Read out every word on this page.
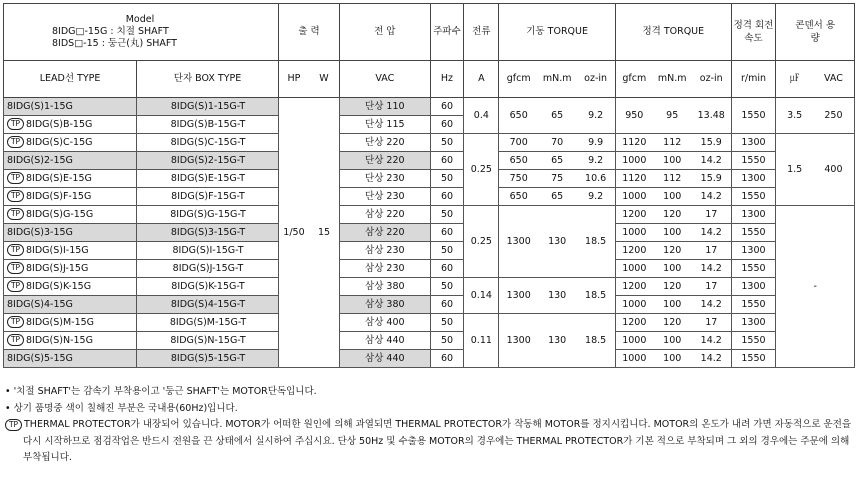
Model
8IDG□-15G : 치절 SHAFT
8IDS□-15 : 둥근(丸) SHAFT		출 력		전 압	주파수	전류	기동 TORQUE			정격 TORQUE			정격 회전속도	콘덴서 용량	
LEAD선 TYPE	단자 BOX TYPE	HP	W	VAC	Hz	A	gfcm	mN.m	oz-in	gfcm	mN.m	oz-in	r/min	㎌	VAC
8IDG(S)1-15G	8IDG(S)1-15G-T	1/50	15	단상 110	60	0.4	650	65	9.2	950	95	13.48	1550	3.5	250
TP 8IDG(S)B-15G	8IDG(S)B-15G-T			단상 115	60										
TP 8IDG(S)C-15G	8IDG(S)C-15G-T			단상 220	50	0.25	700	70	9.9	1120	112	15.9	1300	1.5	400
8IDG(S)2-15G	8IDG(S)2-15G-T			단상 220	60		650	65	9.2	1000	100	14.2	1550		
TP 8IDG(S)E-15G	8IDG(S)E-15G-T			단상 230	50		750	75	10.6	1120	112	15.9	1300		
TP 8IDG(S)F-15G	8IDG(S)F-15G-T			단상 230	60		650	65	9.2	1000	100	14.2	1550		
TP 8IDG(S)G-15G	8IDG(S)G-15G-T			삼상 220	50	0.25	1300	130	18.5	1200	120	17	1300	-	
8IDG(S)3-15G	8IDG(S)3-15G-T			삼상 220	60					1000	100	14.2	1550		
TP 8IDG(S)I-15G	8IDG(S)I-15G-T			삼상 230	50					1200	120	17	1300		
TP 8IDG(S)J-15G	8IDG(S)J-15G-T			삼상 230	60					1000	100	14.2	1550		
TP 8IDG(S)K-15G	8IDG(S)K-15G-T			삼상 380	50	0.14	1300	130	18.5	1200	120	17	1300		
8IDG(S)4-15G	8IDG(S)4-15G-T			삼상 380	60					1000	100	14.2	1550		
TP 8IDG(S)M-15G	8IDG(S)M-15G-T			삼상 400	50	0.11	1300	130	18.5	1200	120	17	1300		
TP 8IDG(S)N-15G	8IDG(S)N-15G-T			삼상 440	50					1000	100	14.2	1550		
8IDG(S)5-15G	8IDG(S)5-15G-T			삼상 440	60					1000	100	14.2	1550		
• '치절 SHAFT'는 감속기 부착용이고 '둥근 SHAFT'는 MOTOR단독입니다.
• 상기 품명중 색이 칠해진 부분은 국내용(60Hz)입니다.
TP THERMAL PROTECTOR가 내장되어 있습니다. MOTOR가 어떠한 원인에 의해 과열되면 THERMAL PROTECTOR가 작동해 MOTOR를 정지시킵니다. MOTOR의 온도가 내려 가면 자동적으로 운전을
다시 시작하므로 점검작업은 반드시 전원을 끈 상태에서 실시하여 주십시요. 단상 50Hz 및 수출용 MOTOR의 경우에는 THERMAL PROTECTOR가 기본 적으로 부착되며 그 외의 경우에는 주문에 의해
부착됩니다.
